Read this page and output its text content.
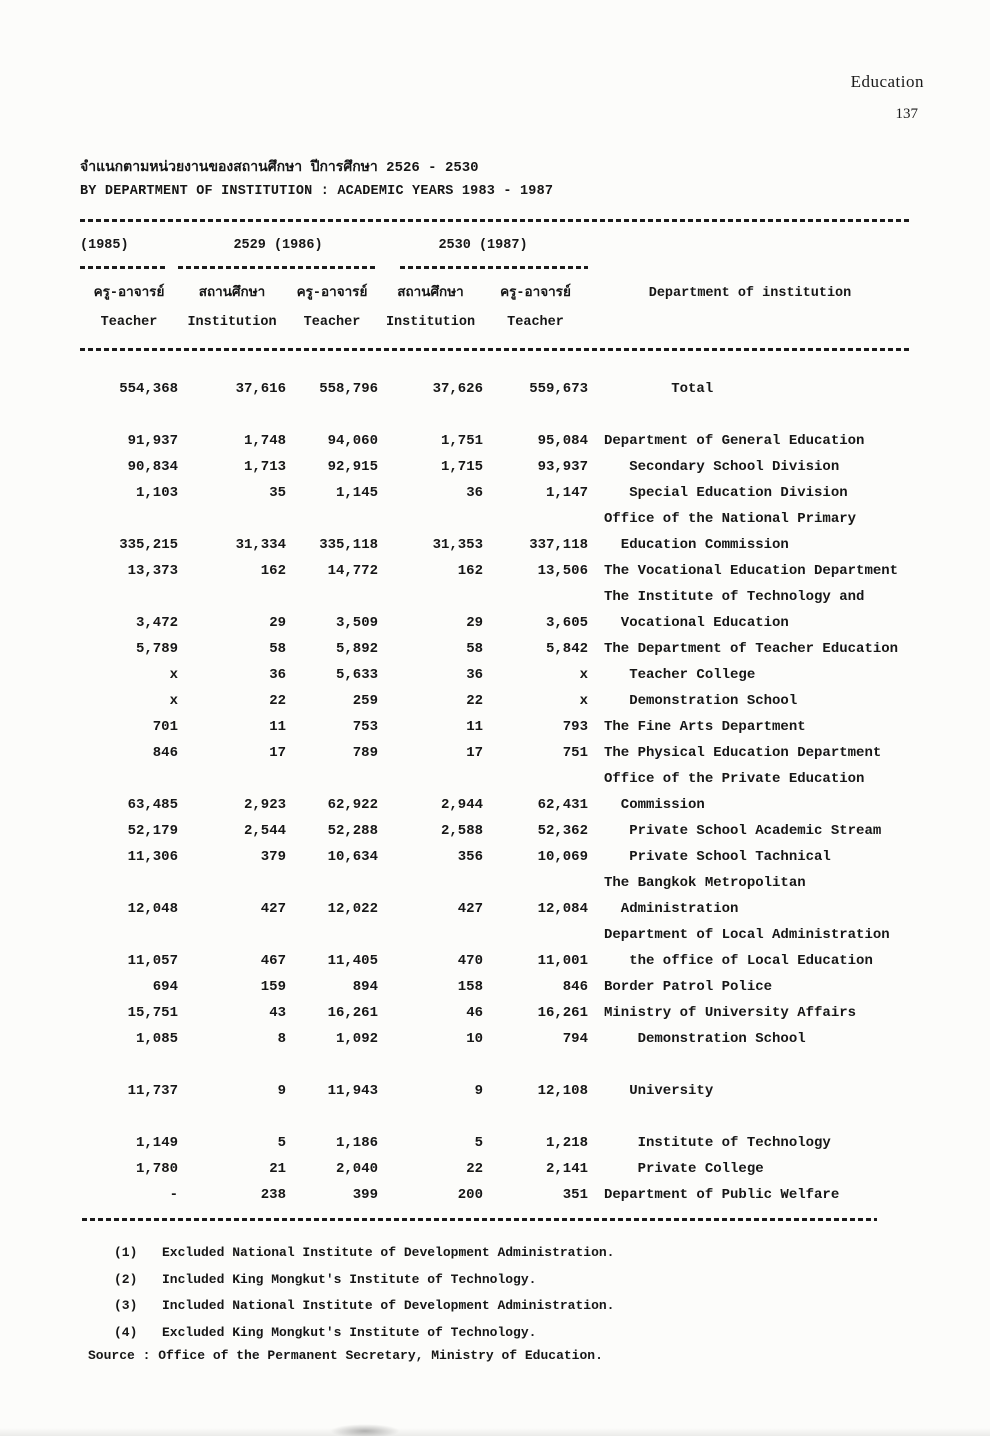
Education
137
จำแนกตามหน่วยงานของสถานศึกษา ปีการศึกษา 2526 - 2530
BY DEPARTMENT OF INSTITUTION : ACADEMIC YEARS 1983 - 1987
(1985)	2529 (1986)	2530 (1987)
ครู-อาจารย์	สถานศึกษา	ครู-อาจารย์	สถานศึกษา	ครู-อาจารย์	Department of institution
Teacher	Institution	Teacher	Institution	Teacher
554,368	37,616	558,796	37,626	559,673	Total
91,937	1,748	94,060	1,751	95,084	Department of General Education
90,834	1,713	92,915	1,715	93,937	Secondary School Division
1,103	35	1,145	36	1,147	Special Education Division
Office of the National Primary
335,215	31,334	335,118	31,353	337,118	Education Commission
13,373	162	14,772	162	13,506	The Vocational Education Department
The Institute of Technology and
3,472	29	3,509	29	3,605	Vocational Education
5,789	58	5,892	58	5,842	The Department of Teacher Education
x	36	5,633	36	x	Teacher College
x	22	259	22	x	Demonstration School
701	11	753	11	793	The Fine Arts Department
846	17	789	17	751	The Physical Education Department
Office of the Private Education
63,485	2,923	62,922	2,944	62,431	Commission
52,179	2,544	52,288	2,588	52,362	Private School Academic Stream
11,306	379	10,634	356	10,069	Private School Tachnical
The Bangkok Metropolitan
12,048	427	12,022	427	12,084	Administration
Department of Local Administration
11,057	467	11,405	470	11,001	the office of Local Education
694	159	894	158	846	Border Patrol Police
15,751	43	16,261	46	16,261	Ministry of University Affairs
1,085	8	1,092	10	794	Demonstration School
11,737	9	11,943	9	12,108	University
1,149	5	1,186	5	1,218	Institute of Technology
1,780	21	2,040	22	2,141	Private College
-	238	399	200	351	Department of Public Welfare
(1)	Excluded National Institute of Development Administration.
(2)	Included King Mongkut's Institute of Technology.
(3)	Included National Institute of Development Administration.
(4)	Excluded King Mongkut's Institute of Technology.
Source : Office of the Permanent Secretary, Ministry of Education.
